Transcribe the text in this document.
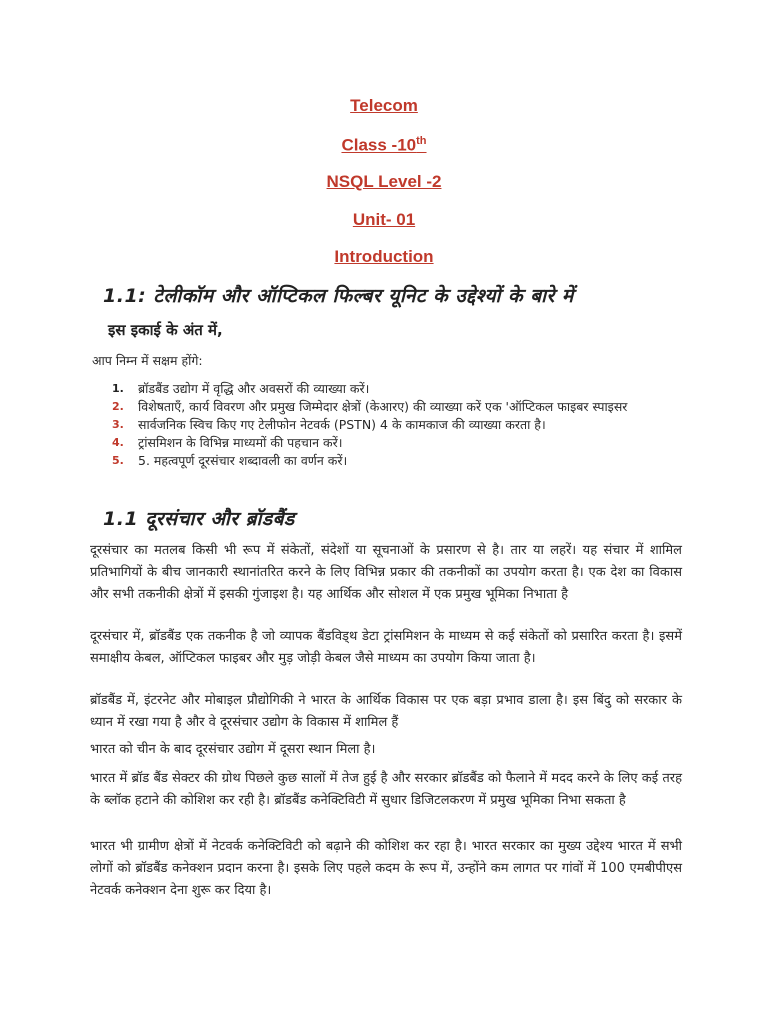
Telecom
Class -10th
NSQL Level -2
Unit- 01
Introduction
1.1: टेलीकॉम और ऑप्टिकल फिल्बर यूनिट के उद्देश्यों के बारे में
इस इकाई के अंत में,
आप निम्न में सक्षम होंगे:
1. ब्रॉडबैंड उद्योग में वृद्धि और अवसरों की व्याख्या करें।
2. विशेषताएँ, कार्य विवरण और प्रमुख जिम्मेदार क्षेत्रों (केआरए) की व्याख्या करें एक 'ऑप्टिकल फाइबर स्पाइसर
3. सार्वजनिक स्विच किए गए टेलीफोन नेटवर्क (PSTN) 4 के कामकाज की व्याख्या करता है।
4. ट्रांसमिशन के विभिन्न माध्यमों की पहचान करें।
5. 5. महत्वपूर्ण दूरसंचार शब्दावली का वर्णन करें।
1.1 दूरसंचार और ब्रॉडबैंड
दूरसंचार का मतलब किसी भी रूप में संकेतों, संदेशों या सूचनाओं के प्रसारण से है। तार या लहरें। यह संचार में शामिल प्रतिभागियों के बीच जानकारी स्थानांतरित करने के लिए विभिन्न प्रकार की तकनीकों का उपयोग करता है। एक देश का विकास और सभी तकनीकी क्षेत्रों में इसकी गुंजाइश है। यह आर्थिक और सोशल में एक प्रमुख भूमिका निभाता है
दूरसंचार में, ब्रॉडबैंड एक तकनीक है जो व्यापक बैंडविड्थ डेटा ट्रांसमिशन के माध्यम से कई संकेतों को प्रसारित करता है। इसमें समाक्षीय केबल, ऑप्टिकल फाइबर और मुड़ जोड़ी केबल जैसे माध्यम का उपयोग किया जाता है।
ब्रॉडबैंड में, इंटरनेट और मोबाइल प्रौद्योगिकी ने भारत के आर्थिक विकास पर एक बड़ा प्रभाव डाला है। इस बिंदु को सरकार के ध्यान में रखा गया है और वे दूरसंचार उद्योग के विकास में शामिल हैं
भारत को चीन के बाद दूरसंचार उद्योग में दूसरा स्थान मिला है।
भारत में ब्रॉड बैंड सेक्टर की ग्रोथ पिछले कुछ सालों में तेज हुई है और सरकार ब्रॉडबैंड को फैलाने में मदद करने के लिए कई तरह के ब्लॉक हटाने की कोशिश कर रही है। ब्रॉडबैंड कनेक्टिविटी में सुधार डिजिटलकरण में प्रमुख भूमिका निभा सकता है
भारत भी ग्रामीण क्षेत्रों में नेटवर्क कनेक्टिविटी को बढ़ाने की कोशिश कर रहा है। भारत सरकार का मुख्य उद्देश्य भारत में सभी लोगों को ब्रॉडबैंड कनेक्शन प्रदान करना है। इसके लिए पहले कदम के रूप में, उन्होंने कम लागत पर गांवों में 100 एमबीपीएस नेटवर्क कनेक्शन देना शुरू कर दिया है।
